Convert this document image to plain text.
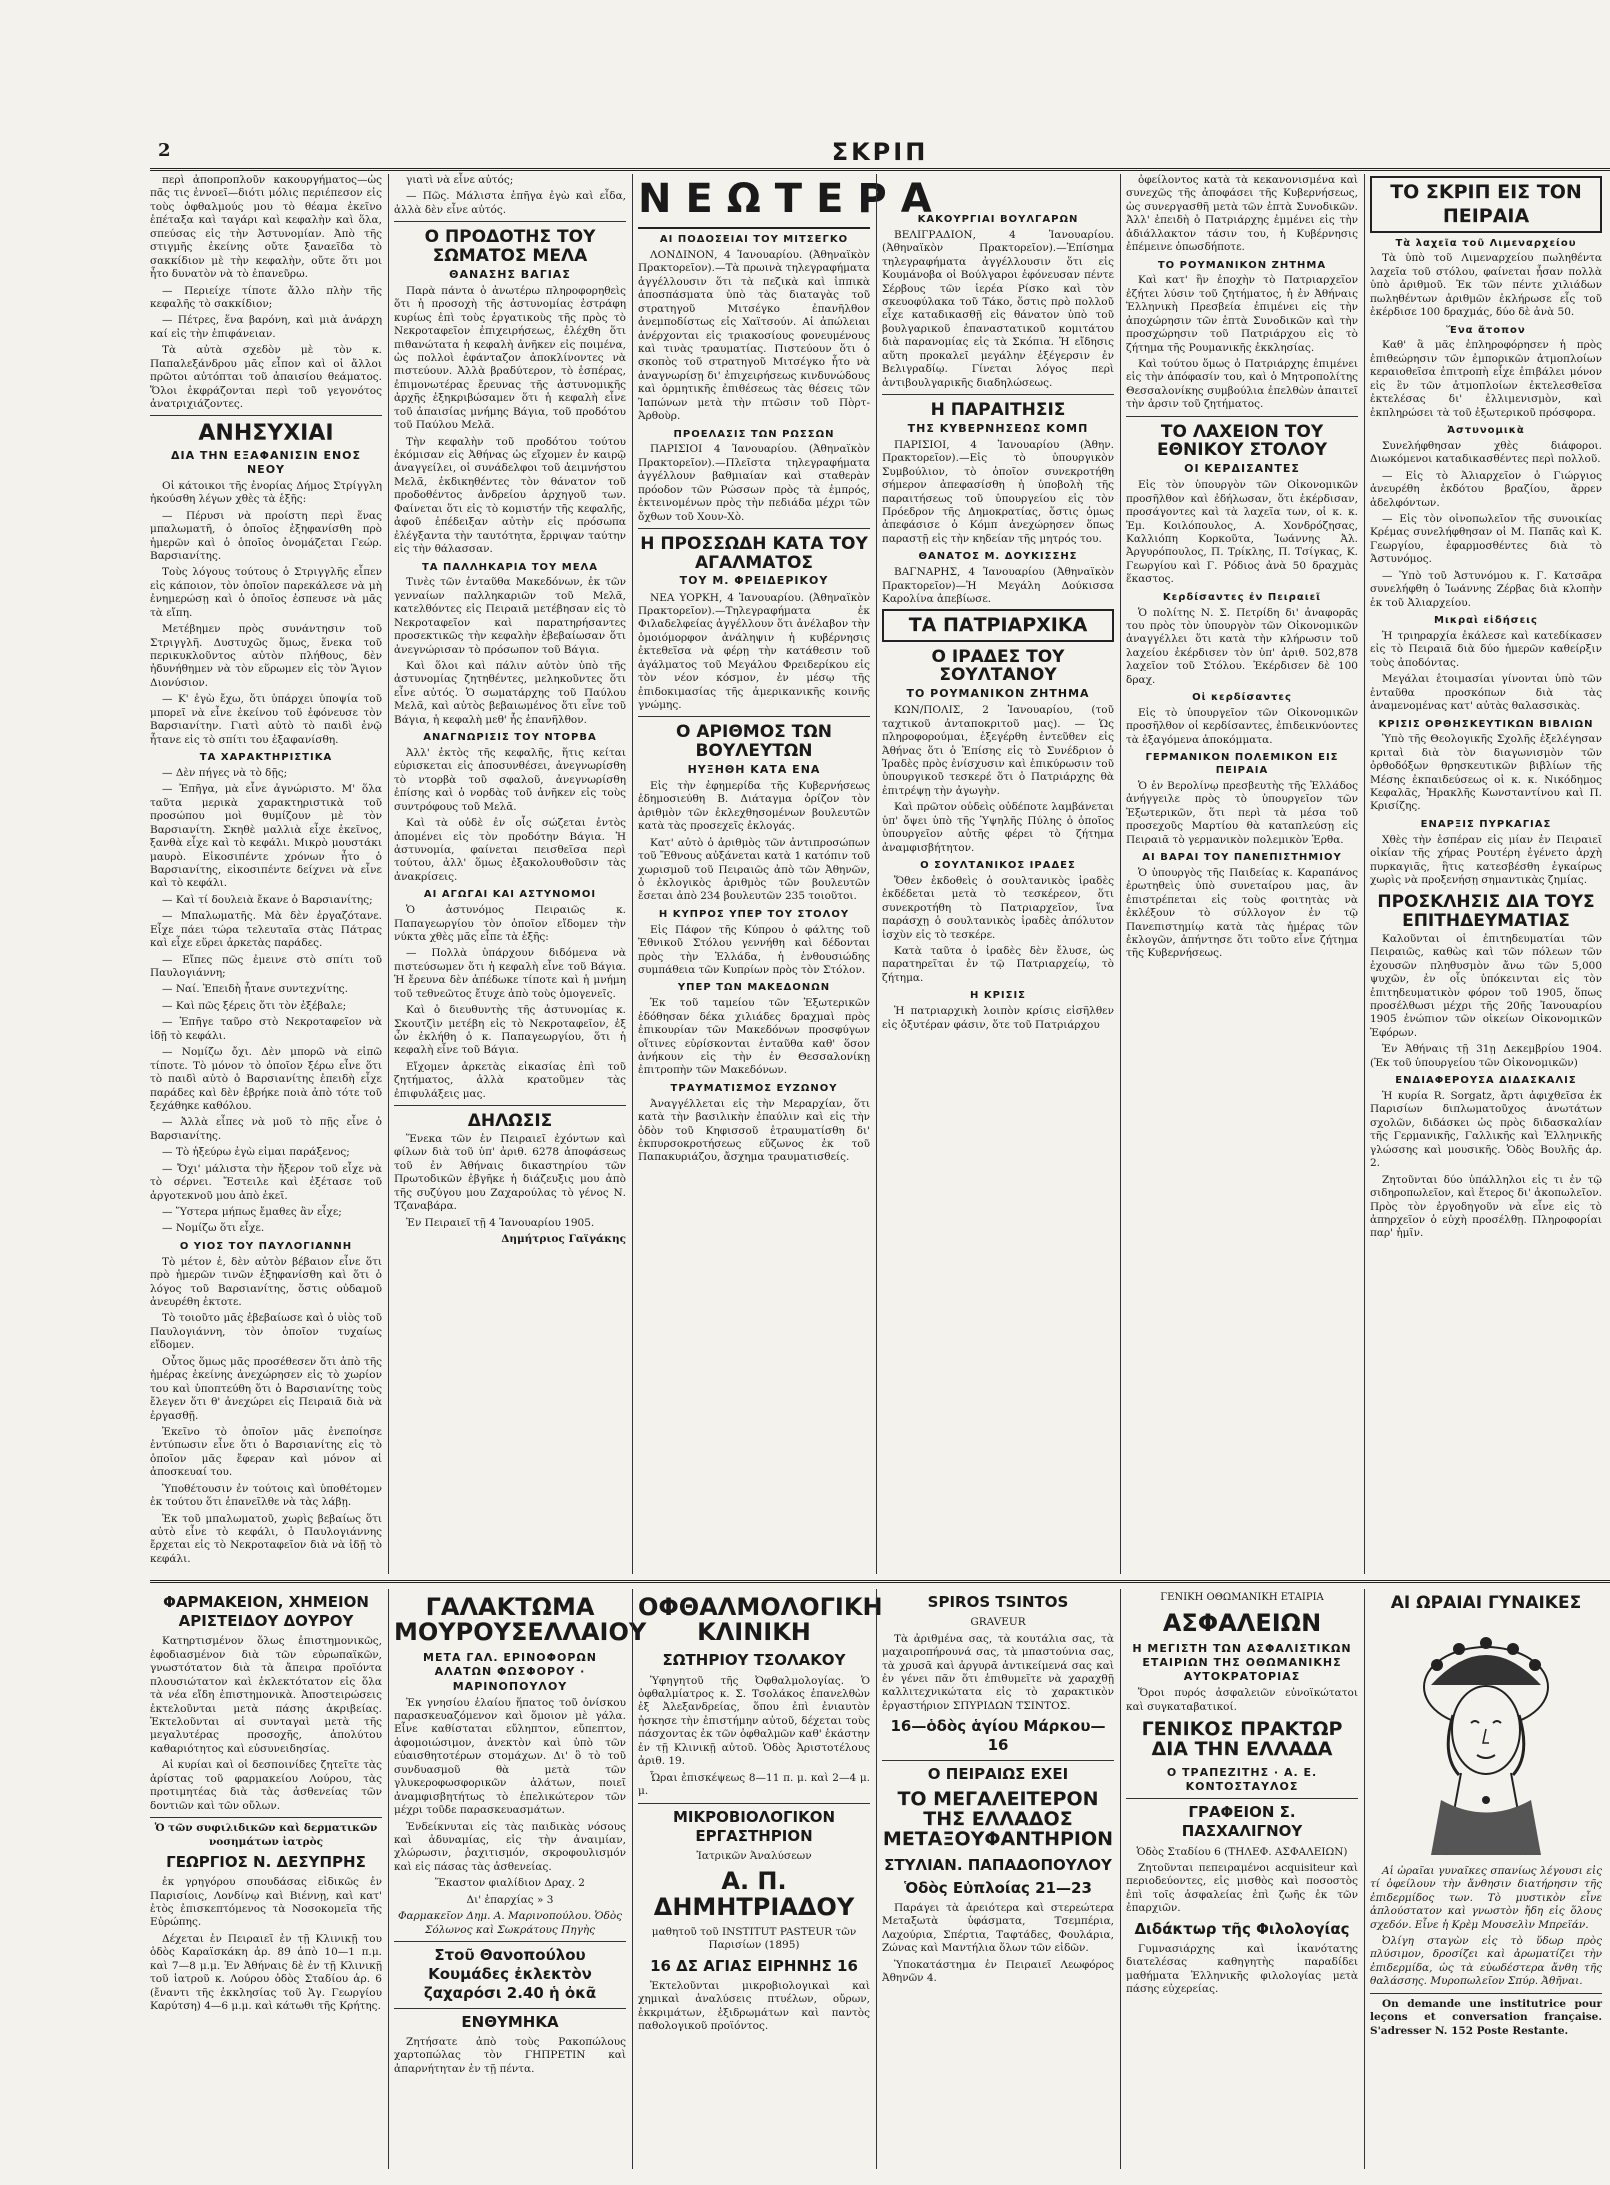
2	ΣΚΡΙΠ

περὶ ἀποπροπλοῦν κακουργήματος—ὡς πᾶς τις ἐννοεῖ—διότι μόλις περιέπεσον εἰς τοὺς ὀφθαλμούς μου τὸ θέαμα ἐκεῖνο ἐπέταξα καὶ ταγάρι καὶ κεφαλὴν καὶ ὅλα, σπεύσας εἰς τὴν Ἀστυνομίαν. Ἀπὸ τῆς στιγμῆς ἐκείνης οὔτε ξαναεῖδα τὸ σακκίδιον μὲ τὴν κεφαλὴν, οὔτε ὅτι μοι ἦτο δυνατὸν νὰ τὸ ἐπανεῦρω.

— Περιείχε τίποτε ἄλλο πλὴν τῆς κεφαλῆς τὸ σακκίδιον;

— Πέτρες, ἕνα βαρόνη, καὶ μιὰ ἀνάρχη καί εἰς τὴν ἐπιφάνειαν.

Τὰ αὐτὰ σχεδὸν μὲ τὸν κ. Παπαλεξάνδρου μᾶς εἶπον καὶ οἱ ἄλλοι πρῶτοι αὐτόπται τοῦ ἀπαισίου θεάματος. Ὅλοι ἐκφράζονται περὶ τοῦ γεγονότος ἀνατριχιάζοντες.

ΑΝΗΣΥΧΙΑΙ
ΔΙΑ ΤΗΝ ΕΞΑΦΑΝΙΣΙΝ ΕΝΟΣ ΝΕΟΥ

Οἱ κάτοικοι τῆς ἐνορίας Δήμος Στρίγγλη ἠκούσθη λέγων χθὲς τὰ ἑξῆς:

— Πέρυσι νὰ προίστη περὶ ἕνας μπαλωματῆ, ὁ ὁποῖος ἐξηφανίσθη πρὸ ἡμερῶν καὶ ὁ ὁποῖος ὀνομάζεται Γεώρ. Βαρσιανίτης.

Τοὺς λόγους τούτους ὁ Στριγγλῆς εἶπεν εἰς κάποιον, τὸν ὁποῖον παρεκάλεσε νὰ μὴ ἐνημερώσῃ καὶ ὁ ὁποῖος ἐσπευσε νὰ μᾶς τὰ εἴπη.

Μετέβημεν πρὸς συνάντησιν τοῦ Στριγγλῆ. Δυστυχῶς ὅμως, ἕνεκα τοῦ περικυκλοῦντος αὐτὸν πλήθους, δὲν ἠδυνήθημεν νὰ τὸν εὕρωμεν εἰς τὸν Ἅγιον Διονύσιον.

— Κ' ἐγὼ ἔχω, ὅτι ὑπάρχει ὑποψία τοῦ μπορεῖ νὰ εἶνε ἐκείνου τοῦ ἐφόνευσε τὸν Βαρσιανίτην. Γιατὶ αὐτὸ τὸ παιδὶ ἐνῷ ἦτανε εἰς τὸ σπίτι του ἐξαφανίσθη.

ΤΑ ΧΑΡΑΚΤΗΡΙΣΤΙΚΑ

— Δὲν πήγες νὰ τὸ δῇς;

— Ἐπῆγα, μὰ εἶνε ἀγνώριστο. Μ' ὅλα ταῦτα μερικὰ χαρακτηριστικὰ τοῦ προσώπου μοὶ θυμίζουν μὲ τὸν Βαρσιανίτη. Σκηθὲ μαλλιὰ εἶχε ἐκεῖνος, ξανθὰ εἶχε καὶ τὸ κεφάλι. Μικρὸ μουστάκι μαυρὸ. Εἰκοσιπέντε χρόνων ἦτο ὁ Βαρσιανίτης, εἰκοσιπέντε δείχνει νὰ εἶνε καὶ τὸ κεφάλι.

— Καὶ τί δουλειὰ ἔκανε ὁ Βαρσιανίτης;

— Μπαλωματῆς. Μὰ δὲν ἐργαζότανε. Εἶχε πάει τώρα τελευταῖα στὰς Πάτρας καὶ εἶχε εὕρει ἀρκετὰς παράδες.

— Εἴπες πῶς ἐμεινε στὸ σπίτι τοῦ Παυλογιάννη;

— Ναί. Ἐπειδὴ ἦτανε συντεχνίτης.

— Καὶ πῶς ξέρεις ὅτι τὸν ἐξέβαλε;

— Ἐπῆγε ταῦρο στὸ Νεκροταφεῖον νὰ ἰδῇ τὸ κεφάλι.

— Νομίζω ὄχι. Δὲν μπορῶ νὰ εἰπῶ τίποτε. Τὸ μόνον τὸ ὁποῖον ξέρω εἶνε ὅτι τὸ παιδὶ αὐτὸ ὁ Βαρσιανίτης ἐπειδὴ εἶχε παράδες καὶ δὲν ἐβρήκε ποιὰ ἀπὸ τότε τοῦ ξεχάθηκε καθόλου.

— Ἀλλὰ εἶπες νὰ μοῦ τὸ πῇς εἶνε ὁ Βαρσιανίτης.

— Τὸ ἠξεύρω ἐγὼ εἰμαι παράξενος;

— Ὄχι' μάλιστα τὴν ἤξερον τοῦ εἶχε νὰ τὸ σέρνει. Ἔστειλε καὶ ἐξέτασε τοῦ ἀργοτεκνοῦ μου ἀπὸ ἐκεῖ.

— Ὕστερα μήπως ἔμαθες ἂν εἶχε;

— Νομίζω ὅτι εἶχε.

Ο ΥΙΟΣ ΤΟΥ ΠΑΥΛΟΓΙΑΝΝΗ

Τὸ μέτον ἐ, δὲν αὐτὸν βέβαιον εἶνε ὅτι πρὸ ἡμερῶν τινῶν ἐξηφανίσθη καὶ ὅτι ὁ λόγος τοῦ Βαρσιανίτης, ὅστις οὐδαμοῦ ἀνευρέθη ἐκτοτε.

Τὸ τοιοῦτο μᾶς ἐβεβαίωσε καὶ ὁ υἱὸς τοῦ Παυλογιάννη, τὸν ὁποῖον τυχαίως εἴδομεν.

Οὗτος ὅμως μᾶς προσέθεσεν ὅτι ἀπὸ τῆς ἡμέρας ἐκείνης ἀνεχώρησεν εἰς τὸ χωρίον του καὶ ὑποπτεύθη ὅτι ὁ Βαρσιανίτης τοὺς ἔλεγεν ὅτι θ' ἀνεχώρει εἰς Πειραιᾶ διὰ νὰ ἐργασθῇ.

Ἐκεῖνο τὸ ὁποῖον μᾶς ἐνεποίησε ἐντύπωσιν εἶνε ὅτι ὁ Βαρσιανίτης εἰς τὸ ὁποῖον μᾶς ἔφεραν καὶ μόνον αἰ ἀποσκευαί του.

Ὑποθέτουσιν ἐν τούτοις καὶ ὑποθέτομεν ἐκ τούτου ὅτι ἐπανεῖλθε νὰ τὰς λάβῃ.

Ἐκ τοῦ μπαλωματοῦ, χωρὶς βεβαίως ὅτι αὐτὸ εἶνε τὸ κεφάλι, ὁ Παυλογιάννης ἔρχεται εἰς τὸ Νεκροταφεῖον διὰ νὰ ἰδῇ τὸ κεφάλι.

γιατὶ νὰ εἶνε αὐτός;

— Πῶς. Μάλιστα ἐπῆγα ἐγὼ καὶ εἶδα, ἀλλὰ δὲν εἶνε αὐτός.

Ο ΠΡΟΔΟΤΗΣ ΤΟΥ ΣΩΜΑΤΟΣ ΜΕΛΑ
ΘΑΝΑΣΗΣ ΒΑΓΙΑΣ

Παρὰ πάντα ὁ ἀνωτέρω πληροφορηθεὶς ὅτι ἡ προσοχὴ τῆς ἀστυνομίας ἐστράφη κυρίως ἐπὶ τοὺς ἐργατικοὺς τῆς πρὸς τὸ Νεκροταφεῖον ἐπιχειρήσεως, ἐλέχθη ὅτι πιθανώτατα ἡ κεφαλὴ ἀνῆκεν εἰς ποιμένα, ὡς πολλοὶ ἐφάνταζον ἀποκλίνοντες νὰ πιστεύουν. Ἀλλὰ βραδύτερον, τὸ ἑσπέρας, ἐπιμονωτέρας ἔρευνας τῆς ἀστυνομικῆς ἀρχῆς ἐξηκριβώσαμεν ὅτι ἡ κεφαλὴ εἶνε τοῦ ἀπαισίας μνήμης Βάγια, τοῦ προδότου τοῦ Παύλου Μελᾶ.

Τὴν κεφαλὴν τοῦ προδότου τούτου ἐκόμισαν εἰς Ἀθήνας ὡς εἴχομεν ἐν καιρῷ ἀναγγείλει, οἱ συνάδελφοι τοῦ ἀειμνήστου Μελᾶ, ἐκδικηθέντες τὸν θάνατον τοῦ προδοθέντος ἀνδρείου ἀρχηγοῦ των. Φαίνεται ὅτι εἰς τὸ κομιστήν τῆς κεφαλῆς, ἀφοῦ ἐπέδειξαν αὐτὴν εἰς πρόσωπα ἐλέγξαντα τὴν ταυτότητα, ἔρριψαν ταύτην εἰς τὴν θάλασσαν.

ΤΑ ΠΑΛΛΗΚΑΡΙΑ ΤΟΥ ΜΕΛΑ

Τινὲς τῶν ἐνταῦθα Μακεδόνων, ἐκ τῶν γενναίων παλληκαριῶν τοῦ Μελᾶ, κατελθόντες εἰς Πειραιᾶ μετέβησαν εἰς τὸ Νεκροταφεῖον καὶ παρατηρήσαντες προσεκτικῶς τὴν κεφαλὴν ἐβεβαίωσαν ὅτι ἀνεγνώρισαν τὸ πρόσωπον τοῦ Βάγια.

Καὶ ὅλοι καὶ πάλιν αὐτὸν ὑπὸ τῆς ἀστυνομίας ζητηθέντες, μεληκοῦντες ὅτι εἶνε αὐτός. Ὁ σωματάρχης τοῦ Παύλου Μελᾶ, καὶ αὐτὸς βεβαιωμένος ὅτι εἶνε τοῦ Βάγια, ἡ κεφαλὴ μεθ' ἧς ἐπανῆλθον.

ΑΝΑΓΝΩΡΙΣΙΣ ΤΟΥ ΝΤΟΡΒΑ

Ἀλλ' ἐκτὸς τῆς κεφαλῆς, ἥτις κείται εὑρισκεται εἰς ἀποσυνθέσει, ἀνεγνωρίσθη τὸ ντορβὰ τοῦ σφαλοῦ, ἀνεγνωρίσθη ἐπίσης καὶ ὁ νορδὰς τοῦ ἀνῆκεν εἰς τοὺς συντρόφους τοῦ Μελᾶ.

Καὶ τὰ οὐδὲ ἐν οἷς σώζεται ἐντὸς ἀπομένει εἰς τὸν προδότην Βάγια. Ἡ ἀστυνομία, φαίνεται πεισθεῖσα περὶ τούτου, ἀλλ' ὅμως ἐξακολουθοῦσιν τὰς ἀνακρίσεις.

ΑΙ ΑΓΩΓΑΙ ΚΑΙ ΑΣΤΥΝΟΜΟΙ

Ὁ ἀστυνόμος Πειραιῶς κ. Παπαγεωργίου τὸν ὁποῖον εἴδομεν τὴν νύκτα χθὲς μᾶς εἶπε τὰ ἑξῆς:

— Πολλὰ ὑπάρχουν διδόμενα νὰ πιστεύσωμεν ὅτι ἡ κεφαλὴ εἶνε τοῦ Βάγια. Ἡ ἔρευνα δὲν ἀπέδωκε τίποτε καὶ ἡ μνήμη τοῦ τεθνεῶτος ἔτυχε ἀπὸ τοὺς ὁμογενεῖς.

Καὶ ὁ διευθυντὴς τῆς ἀστυνομίας κ. Σκουτζὶν μετέβη εἰς τὸ Νεκροταφεῖον, ἐξ ὧν ἐκλήθη ὁ κ. Παπαγεωργίου, ὅτι ἡ κεφαλὴ εἶνε τοῦ Βάγια.

Εἴχομεν ἀρκετὰς εἰκασίας ἐπὶ τοῦ ζητήματος, ἀλλὰ κρατοῦμεν τὰς ἐπιφυλάξεις μας.

ΔΗΛΩΣΙΣ

Ἕνεκα τῶν ἐν Πειραιεῖ ἐχόντων καὶ φίλων διὰ τοῦ ὑπ' ἀριθ. 6278 ἀποφάσεως τοῦ ἐν Ἀθήναις δικαστηρίου τῶν Πρωτοδικῶν ἐβγῆκε ἡ διάζευξις μου ἀπὸ τῆς συζύγου μου Ζαχαρούλας τὸ γένος Ν. Τζαναβάρα.

Ἐν Πειραιεῖ τῇ 4 Ἰανουαρίου 1905.

Δημήτριος Γαϊγάκης

ΝΕΩΤΕΡΑ
ΑΙ ΠΟΔΟΣΕΙΑΙ ΤΟΥ ΜΙΤΣΕΓΚΟ

ΛΟΝΔΙΝΟΝ, 4 Ἰανουαρίου. (Ἀθηναϊκὸν Πρακτορεῖον).—Τὰ πρωινὰ τηλεγραφήματα ἀγγέλλουσιν ὅτι τὰ πεζικὰ καὶ ἱππικὰ ἀποσπάσματα ὑπὸ τὰς διαταγὰς τοῦ στρατηγοῦ Μιτσέγκο ἐπανῆλθον ἀνεμποδίστως εἰς Χαϊτσούν. Αἱ ἀπώλειαι ἀνέρχονται εἰς τριακοσίους φονευμένους καὶ τινὰς τραυματίας. Πιστεύουν ὅτι ὁ σκοπὸς τοῦ στρατηγοῦ Μιτσέγκο ἦτο νὰ ἀναγνωρίσῃ δι' ἐπιχειρήσεως κινδυνώδους καὶ ὁρμητικῆς ἐπιθέσεως τὰς θέσεις τῶν Ἰαπώνων μετὰ τὴν πτῶσιν τοῦ Πὸρτ-Ἀρθοὺρ.

ΠΡΟΕΛΑΣΙΣ ΤΩΝ ΡΩΣΣΩΝ

ΠΑΡΙΣΙΟΙ 4 Ἰανουαρίου. (Ἀθηναϊκὸν Πρακτορεῖον).—Πλεῖστα τηλεγραφήματα ἀγγέλλουν βαθμιαίαν καὶ σταθερὰν πρόοδον τῶν Ρώσσων πρὸς τὰ ἐμπρός, ἐκτεινομένων πρὸς τὴν πεδιάδα μέχρι τῶν ὄχθων τοῦ Χουν-Χὸ.

Η ΠΡΟΣΣΩΔΗ ΚΑΤΑ ΤΟΥ ΑΓΑΛΜΑΤΟΣ
ΤΟΥ Μ. ΦΡΕΙΔΕΡΙΚΟΥ

ΝΕΑ ΥΟΡΚΗ, 4 Ἰανουαρίου. (Ἀθηναϊκὸν Πρακτορεῖον).—Τηλεγραφήματα ἐκ Φιλαδελφείας ἀγγέλλουν ὅτι ἀνέλαβον τὴν ὁμοιόμορφον ἀνάληψιν ἡ κυβέρνησις ἐκτεθεῖσα νὰ φέρῃ τὴν κατάθεσιν τοῦ ἀγάλματος τοῦ Μεγάλου Φρειδερίκου εἰς τὸν νέον κόσμον, ἐν μέσῳ τῆς ἐπιδοκιμασίας τῆς ἀμερικανικῆς κοινῆς γνώμης.

Ο ΑΡΙΘΜΟΣ ΤΩΝ ΒΟΥΛΕΥΤΩΝ
ΗΥΞΗΘΗ ΚΑΤΑ ΕΝΑ

Εἰς τὴν ἐφημερίδα τῆς Κυβερνήσεως ἐδημοσιεύθη Β. Διάταγμα ὁρίζον τὸν ἀριθμὸν τῶν ἐκλεχθησομένων βουλευτῶν κατὰ τὰς προσεχεῖς ἐκλογάς.

Κατ' αὐτὸ ὁ ἀριθμὸς τῶν ἀντιπροσώπων τοῦ Ἔθνους αὐξάνεται κατὰ 1 κατόπιν τοῦ χωρισμοῦ τοῦ Πειραιῶς ἀπὸ τῶν Ἀθηνῶν, ὁ ἐκλογικὸς ἀριθμὸς τῶν βουλευτῶν ἔσεται ἀπὸ 234 βουλευτῶν 235 τοιοῦτοι.

Η ΚΥΠΡΟΣ ΥΠΕΡ ΤΟΥ ΣΤΟΛΟΥ

Εἰς Πάφον τῆς Κύπρου ὁ φάλτης τοῦ Ἐθνικοῦ Στόλου γεννήθη καὶ δέδονται πρὸς τὴν Ἑλλάδα, ἡ ἐνθουσιώδης συμπάθεια τῶν Κυπρίων πρὸς τὸν Στόλον.

ΥΠΕΡ ΤΩΝ ΜΑΚΕΔΟΝΩΝ

Ἐκ τοῦ ταμείου τῶν Ἐξωτερικῶν ἐδόθησαν δέκα χιλιάδες δραχμαὶ πρὸς ἐπικουρίαν τῶν Μακεδόνων προσφύγων οἵτινες εὑρίσκονται ἐνταῦθα καθ' ὅσον ἀνήκουν εἰς τὴν ἐν Θεσσαλονίκῃ ἐπιτροπὴν τῶν Μακεδόνων.

ΤΡΑΥΜΑΤΙΣΜΟΣ ΕΥΖΩΝΟΥ

Ἀναγγέλλεται εἰς τὴν Μεραρχίαν, ὅτι κατὰ τὴν βασιλικὴν ἐπαύλιν καὶ εἰς τὴν ὁδὸν τοῦ Κηφισσοῦ ἐτραυματίσθη δι' ἐκπυρσοκροτήσεως εὔζωνος ἐκ τοῦ Παπακυριάζου, ἄσχημα τραυματισθείς.

ΚΑΚΟΥΡΓΙΑΙ ΒΟΥΛΓΑΡΩΝ

ΒΕΛΙΓΡΑΔΙΟΝ, 4 Ἰανουαρίου. (Ἀθηναϊκὸν Πρακτορεῖον).—Ἐπίσημα τηλεγραφήματα ἀγγέλλουσιν ὅτι εἰς Κουμάνοβα οἱ Βούλγαροι ἐφόνευσαν πέντε Σέρβους τῶν ἱερέα Ρίσκο καὶ τὸν σκευοφύλακα τοῦ Τάκο, ὅστις πρὸ πολλοῦ εἶχε καταδικασθῇ εἰς θάνατον ὑπὸ τοῦ βουλγαρικοῦ ἐπαναστατικοῦ κομιτάτου διὰ παρανομίας εἰς τὰ Σκόπια. Ἡ εἴδησις αὕτη προκαλεῖ μεγάλην ἐξέγερσιν ἐν Βελιγραδίῳ. Γίνεται λόγος περὶ ἀντιβουλγαρικῆς διαδηλώσεως.

Η ΠΑΡΑΙΤΗΣΙΣ
ΤΗΣ ΚΥΒΕΡΝΗΣΕΩΣ ΚΟΜΠ

ΠΑΡΙΣΙΟΙ, 4 Ἰανουαρίου (Ἀθην. Πρακτορεῖον).—Εἰς τὸ ὑπουργικὸν Συμβούλιον, τὸ ὁποῖον συνεκροτήθη σήμερον ἀπεφασίσθη ἡ ὑποβολὴ τῆς παραιτήσεως τοῦ ὑπουργείου εἰς τὸν Πρόεδρον τῆς Δημοκρατίας, ὅστις ὁμως ἀπεφάσισε ὁ Κόμπ ἀνεχώρησεν ὅπως παραστῇ εἰς τὴν κηδείαν τῆς μητρός του.

ΘΑΝΑΤΟΣ Μ. ΔΟΥΚΙΣΣΗΣ

ΒΑΓΝΑΡΗΣ, 4 Ἰανουαρίου (Ἀθηναϊκὸν Πρακτορεῖον)—Ἡ Μεγάλη Δούκισσα Καρολίνα ἀπεβίωσε.

ΤΑ ΠΑΤΡΙΑΡΧΙΚΑ
Ο ΙΡΑΔΕΣ ΤΟΥ ΣΟΥΛΤΑΝΟΥ
ΤΟ ΡΟΥΜΑΝΙΚΟΝ ΖΗΤΗΜΑ

ΚΩΝ/ΠΟΛΙΣ, 2 Ἰανουαρίου, (τοῦ ταχτικοῦ ἀνταποκριτοῦ μας). — Ὡς πληροφορούμαι, ἐξεγέρθη ἐντεῦθεν εἰς Ἀθήνας ὅτι ὁ Ἐπίσης εἰς τὸ Συνέδριον ὁ Ἰραδὲς πρὸς ἐνίσχυσιν καὶ ἐπικύρωσιν τοῦ ὑπουργικοῦ τεσκερέ ὅτι ὁ Πατριάρχης θὰ ἐπιτρέψῃ τὴν ἀγωγὴν.

Καὶ πρῶτον οὐδεὶς οὐδέποτε λαμβάνεται ὑπ' ὄψει ὑπὸ τῆς Ὑψηλῆς Πύλης ὁ ὁποῖος ὑπουργεῖον αὐτῆς φέρει τὸ ζήτημα ἀναμφισβήτητον.

Ο ΣΟΥΛΤΑΝΙΚΟΣ ΙΡΑΔΕΣ

Ὅθεν ἐκδοθεὶς ὁ σουλτανικὸς ἰραδὲς ἐκδέδεται μετὰ τὸ τεσκέρεον, ὅτι συνεκροτήθη τὸ Πατριαρχεῖον, ἵνα παράσχῃ ὁ σουλτανικὸς ἰραδὲς ἀπόλυτον ἰσχὺν εἰς τὸ τεσκέρε.

Κατὰ ταῦτα ὁ ἰραδὲς δὲν ἔλυσε, ὡς παρατηρεῖται ἐν τῷ Πατριαρχείῳ, τὸ ζήτημα.

Η ΚΡΙΣΙΣ

Ἡ πατριαρχικὴ λοιπὸν κρίσις εἰσῆλθεν εἰς ὀξυτέραν φάσιν, ὅτε τοῦ Πατριάρχου

ὀφείλοντος κατὰ τὰ κεκανονισμένα καὶ συνεχῶς τῆς ἀποφάσει τῆς Κυβερνήσεως, ὡς συνεργασθῆ μετὰ τῶν ἑπτὰ Συνοδικῶν. Ἀλλ' ἐπειδὴ ὁ Πατριάρχης ἐμμένει εἰς τὴν ἀδιάλλακτον τάσιν του, ἡ Κυβέρνησις ἐπέμεινε ὁπωσδήποτε.

ΤΟ ΡΟΥΜΑΝΙΚΟΝ ΖΗΤΗΜΑ

Καὶ κατ' ἣν ἐποχὴν τὸ Πατριαρχεῖον ἐζήτει λύσιν τοῦ ζητήματος, ἡ ἐν Ἀθήναις Ἑλληνικὴ Πρεσβεία ἐπιμένει εἰς τὴν ἀποχώρησιν τῶν ἑπτὰ Συνοδικῶν καὶ τὴν προσχώρησιν τοῦ Πατριάρχου εἰς τὸ ζήτημα τῆς Ρουμανικῆς ἐκκλησίας.

Καὶ τούτου ὅμως ὁ Πατριάρχης ἐπιμένει εἰς τὴν ἀπόφασίν του, καὶ ὁ Μητροπολίτης Θεσσαλονίκης συμβούλια ἐπελθὼν ἀπαιτεῖ τὴν ἀρσιν τοῦ ζητήματος.

ΤΟ ΛΑΧΕΙΟΝ ΤΟΥ ΕΘΝΙΚΟΥ ΣΤΟΛΟΥ
ΟΙ ΚΕΡΔΙΣΑΝΤΕΣ

Εἰς τὸν ὑπουργὸν τῶν Οἰκονομικῶν προσῆλθον καὶ ἐδήλωσαν, ὅτι ἐκέρδισαν, προσάγοντες καὶ τὰ λαχεῖα των, οἱ κ. κ. Ἐμ. Κοιλόπουλος, Α. Χονδρόζησας, Καλλιόπη Κορκοῦτα, Ἰωάννης Ἀλ. Ἀργυρόπουλος, Π. Τρίκλης, Π. Τσίγκας, Κ. Γεωργίου καὶ Γ. Ρόδιος ἀνὰ 50 δραχμὰς ἕκαστος.

Κερδίσαντες ἐν Πειραιεῖ

Ὁ πολίτης Ν. Σ. Πετρίδη δι' ἀναφορᾶς του πρὸς τὸν ὑπουργὸν τῶν Οἰκονομικῶν ἀναγγέλλει ὅτι κατὰ τὴν κλήρωσιν τοῦ λαχείου ἐκέρδισεν τὸν ὑπ' ἀριθ. 502,878 λαχεῖον τοῦ Στόλου. Ἐκέρδισεν δὲ 100 δραχ.

Οἱ κερδίσαντες

Εἰς τὸ ὑπουργεῖον τῶν Οἰκονομικῶν προσῆλθον οἱ κερδίσαντες, ἐπιδεικνύοντες τὰ ἐξαγόμενα ἀποκόμματα.

ΓΕΡΜΑΝΙΚΟΝ ΠΟΛΕΜΙΚΟΝ ΕΙΣ ΠΕΙΡΑΙΑ

Ὁ ἐν Βερολίνῳ πρεσβευτὴς τῆς Ἑλλάδος ἀνήγγειλε πρὸς τὸ ὑπουργεῖον τῶν Ἐξωτερικῶν, ὅτι περὶ τὰ μέσα τοῦ προσεχοῦς Μαρτίου θὰ καταπλεύσῃ εἰς Πειραιᾶ τὸ γερμανικὸν πολεμικὸν Ἐρθα.

ΑΙ ΒΑΡΑΙ ΤΟΥ ΠΑΝΕΠΙΣΤΗΜΙΟΥ

Ὁ ὑπουργὸς τῆς Παιδείας κ. Καραπάνος ἐρωτηθεὶς ὑπὸ συνεταίρου μας, ἂν ἐπιστρέπεται εἰς τοὺς φοιτητὰς νὰ ἐκλέξουν τὸ σύλλογον ἐν τῷ Πανεπιστημίῳ κατὰ τὰς ἡμέρας τῶν ἐκλογῶν, ἀπήντησε ὅτι τοῦτο εἶνε ζήτημα τῆς Κυβερνήσεως.

ΤΟ ΣΚΡΙΠ ΕΙΣ ΤΟΝ ΠΕΙΡΑΙΑ
Τὰ λαχεῖα τοῦ Λιμεναρχείου

Τὰ ὑπὸ τοῦ Λιμεναρχείου πωληθέντα λαχεῖα τοῦ στόλου, φαίνεται ἦσαν πολλὰ ὑπὸ ἀριθμοῦ. Ἐκ τῶν πέντε χιλιάδων πωληθέντων ἀριθμῶν ἐκλήρωσε εἷς τοῦ ἐκέρδισε 100 δραχμάς, δύο δὲ ἀνὰ 50.

Ἕνα ἄτοπον

Καθ' ἃ μᾶς ἐπληροφόρησεν ἡ πρὸς ἐπιθεώρησιν τῶν ἐμπορικῶν ἀτμοπλοίων κεραιοθεῖσα ἐπιτροπὴ εἶχε ἐπιβάλει μόνον εἰς ἓν τῶν ἀτμοπλοίων ἐκτελεσθεῖσα ἐκτελέσας δι' ἐλλιμενισμὸν, καὶ ἐκπληρώσει τὰ τοῦ ἐξωτερικοῦ πρόσφορα.

Ἀστυνομικὰ

Συνελήφθησαν χθὲς διάφοροι. Διωκόμενοι καταδικασθέντες περὶ πολλοῦ.

— Εἰς τὸ Ἀλιαρχεῖον ὁ Γιώργιος ἀνευρέθη ἐκδότου βραζίου, ἄρρεν ἀδελφόντων.

— Εἰς τὸν οἰνοπωλεῖον τῆς συνοικίας Κρέμας συνελήφθησαν οἱ Μ. Παπᾶς καὶ Κ. Γεωργίου, ἐφαρμοσθέντες διὰ τὸ Ἀστυνόμος.

— Ὑπὸ τοῦ Ἀστυνόμου κ. Γ. Κατσᾶρα συνελήφθη ὁ Ἰωάννης Ζέρβας διὰ κλοπὴν ἐκ τοῦ Ἀλιαρχείου.

Μικραὶ εἰδήσεις

Ἡ τριηραρχία ἐκάλεσε καὶ κατεδίκασεν εἰς τὸ Πειραιᾶ διὰ δύο ἡμερῶν καθείρξιν τοὺς ἀποδόντας.

Μεγάλαι ἑτοιμασίαι γίνονται ὑπὸ τῶν ἐνταῦθα προσκόπων διὰ τὰς ἀναμενομένας κατ' αὐτὰς θαλασσικὰς.

ΚΡΙΣΙΣ ΟΡΘΗΣΚΕΥΤΙΚΩΝ ΒΙΒΛΙΩΝ

Ὑπὸ τῆς Θεολογικῆς Σχολῆς ἐξελέγησαν κριταὶ διὰ τὸν διαγωνισμὸν τῶν ὀρθοδόξων θρησκευτικῶν βιβλίων τῆς Μέσης ἐκπαιδεύσεως οἱ κ. κ. Νικόδημος Κεφαλᾶς, Ἡρακλῆς Κωνσταντίνου καὶ Π. Κρισίζης.

ΕΝΑΡΞΙΣ ΠΥΡΚΑΓΙΑΣ

Χθὲς τὴν ἑσπέραν εἰς μίαν ἐν Πειραιεῖ οἰκίαν τῆς χήρας Ρουτέρη ἐγένετο ἀρχὴ πυρκαγιᾶς, ἣτις κατεσβέσθη ἐγκαίρως χωρὶς νὰ προξενήσῃ σημαντικὰς ζημίας.

ΠΡΟΣΚΛΗΣΙΣ ΔΙΑ ΤΟΥΣ ΕΠΙΤΗΔΕΥΜΑΤΙΑΣ

Καλοῦνται οἱ ἐπιτηδευματίαι τῶν Πειραιῶς, καθὼς καὶ τῶν πόλεων τῶν ἐχουσῶν πληθυσμὸν ἄνω τῶν 5,000 ψυχῶν, ἐν οἷς ὑπόκεινται εἰς τὸν ἐπιτηδευματικὸν φόρον τοῦ 1905, ὅπως προσέλθωσι μέχρι τῆς 20ῆς Ἰανουαρίου 1905 ἐνώπιον τῶν οἰκείων Οἰκονομικῶν Ἐφόρων.

Ἐν Ἀθήναις τῇ 31ῃ Δεκεμβρίου 1904. (Ἐκ τοῦ ὑπουργείου τῶν Οἰκονομικῶν)

ΕΝΔΙΑΦΕΡΟΥΣΑ ΔΙΔΑΣΚΑΛΙΣ

Ἡ κυρία R. Sorgatz, ἄρτι ἀφιχθεῖσα ἐκ Παρισίων διπλωματοῦχος ἀνωτάτων σχολῶν, διδάσκει ὡς πρὸς διδασκαλίαν τῆς Γερμανικῆς, Γαλλικῆς καὶ Ἑλληνικῆς γλώσσης καὶ μουσικῆς. Ὁδὸς Βουλῆς ἀρ. 2.

Ζητοῦνται δύο ὑπάλληλοι εἰς τι ἐν τῷ σιδηροπωλεῖον, καὶ ἕτερος δι' ἀκοπωλεῖον. Πρὸς τὸν ἐργοδηγοῦν νὰ εἶνε εἰς τὸ ἀπηρχεῖον ὁ εὐχὴ προσέλθῃ. Πληροφορίαι παρ' ἡμῖν.

ΦΑΡΜΑΚΕΙΟΝ, ΧΗΜΕΙΟΝ ΑΡΙΣΤΕΙΔΟΥ ΔΟΥΡΟΥ

Κατηρτισμένον ὅλως ἐπιστημονικῶς, ἐφοδιασμένον διὰ τῶν εὐρωπαϊκῶν, γνωστότατον διὰ τὰ ἄπειρα προϊόντα πλουσιώτατον καὶ ἐκλεκτότατον εἰς ὅλα τὰ νέα εἴδη ἐπιστημονικὰ. Ἀποστειρώσεις ἐκτελοῦνται μετὰ πάσης ἀκριβείας. Ἐκτελοῦνται αἱ συνταγαὶ μετὰ τῆς μεγαλυτέρας προσοχῆς, ἀπολύτου καθαριότητος καὶ εὐσυνειδησίας.

Αἱ κυρίαι καὶ οἱ δεσποινίδες ζητεῖτε τὰς ἀρίστας τοῦ φαρμακείου Λούρου, τὰς προτιμητέας διὰ τὰς ἀσθενείας τῶν δοντιῶν καὶ τῶν οὔλων.

Ὁ τῶν συφιλιδικῶν καὶ δερματικῶν νοσημάτων ἰατρὸς
ΓΕΩΡΓΙΟΣ Ν. ΔΕΣΥΠΡΗΣ

ἐκ γρηγόρου σπουδάσας εἰδικῶς ἐν Παρισίοις, Λονδίνῳ καὶ Βιέννῃ, καὶ κατ' ἐτὸς ἐπισκεπτόμενος τὰ Νοσοκομεῖα τῆς Εὐρώπης.

Δέχεται ἐν Πειραιεῖ ἐν τῇ Κλινικῇ του ὁδὸς Καραϊσκάκη ἀρ. 89 ἀπὸ 10—1 π.μ. καὶ 7—8 μ.μ. Ἐν Ἀθήναις δὲ ἐν τῇ Κλινικῇ τοῦ ἰατροῦ κ. Λούρου ὁδὸς Σταδίου ἀρ. 6 (ἔναντι τῆς ἐκκλησίας τοῦ Ἁγ. Γεωργίου Καρύτση) 4—6 μ.μ. καὶ κάτωθι τῆς Κρήτης.

ΓΑΛΑΚΤΩΜΑ ΜΟΥΡΟΥΣΕΛΛΑΙΟΥ
ΜΕΤΑ ΓΑΛ. ΕΡΙΝΟΦΟΡΩΝ ΑΛΑΤΩΝ ΦΩΣΦΟΡΟΥ · ΜΑΡΙΝΟΠΟΥΛΟΥ

Ἐκ γνησίου ἐλαίου ἥπατος τοῦ ὀνίσκου παρασκευαζόμενον καὶ ὅμοιον μὲ γάλα. Εἶνε καθίσταται εὔληπτον, εὔπεπτον, ἀφομοιώσιμον, ἀνεκτὸν καὶ ὑπὸ τῶν εὐαισθητοτέρων στομάχων. Δι' ὃ τὸ τοῦ συνδυασμοῦ θὰ μετὰ τῶν γλυκεροφωσφορικῶν ἀλάτων, ποιεῖ ἀναμφισβητήτως τὸ ἐπελικώτερον τῶν μέχρι τοῦδε παρασκευασμάτων.

Ἐνδείκνυται εἰς τὰς παιδικὰς νόσους καὶ ἀδυναμίας, εἰς τὴν ἀναιμίαν, χλώρωσιν, ῥαχιτισμόν, σκροφουλισμόν καὶ εἰς πάσας τὰς ἀσθενείας.

Ἕκαστον φιαλίδιον Δραχ. 2
Δι' ἐπαρχίας » 3
Φαρμακεῖον Δημ. Α. Μαρινοπούλου. Ὁδὸς Σόλωνος καὶ Σωκράτους Πηγὴς
Στοῦ Θανοπούλου Κουμάδες ἐκλεκτὸν ζαχαρόσι 2.40 ἡ ὀκᾶ
ΕΝΘΥΜΗΚΑ

Ζητήσατε ἀπὸ τοὺς Ρακοπώλους χαρτοπώλας τὸν ΓΗΠΡΕΤΙΝ καὶ ἀπαρνήτηταν ἐν τῇ πέντα.

ΟΦΘΑΛΜΟΛΟΓΙΚΗ ΚΛΙΝΙΚΗ
ΣΩΤΗΡΙΟΥ ΤΣΟΛΑΚΟΥ

Ὑφηγητοῦ τῆς Ὀφθαλμολογίας. Ὁ ὀφθαλμίατρος κ. Σ. Τσολάκος ἐπανελθὼν ἐξ Ἀλεξανδρείας, ὅπου ἐπὶ ἐνιαυτὸν ἠσκησε τὴν ἐπιστήμην αὐτοῦ, δέχεται τοὺς πάσχοντας ἐκ τῶν ὀφθαλμῶν καθ' ἑκάστην ἐν τῇ Κλινικῇ αὐτοῦ. Ὁδὸς Ἀριστοτέλους ἀριθ. 19.

Ὧραι ἐπισκέψεως 8—11 π. μ. καὶ 2—4 μ. μ.

ΜΙΚΡΟΒΙΟΛΟΓΙΚΟΝ ΕΡΓΑΣΤΗΡΙΟΝ
Ἰατρικῶν Ἀναλύσεων
Α. Π. ΔΗΜΗΤΡΙΑΔΟΥ
μαθητοῦ τοῦ INSTITUT PASTEUR τῶν Παρισίων (1895)
16 ΔΣ ΑΓΙΑΣ ΕΙΡΗΝΗΣ 16

Ἐκτελοῦνται μικροβιολογικαὶ καὶ χημικαὶ ἀναλύσεις πτυέλων, οὔρων, ἐκκριμάτων, ἐξιδρωμάτων καὶ παντὸς παθολογικοῦ προϊόντος.

SPIROS TSINTOS
GRAVEUR

Τὰ ἀριθμένα σας, τὰ κουτάλια σας, τὰ μαχαιροπήρουνά σας, τὰ μπαστούνια σας, τὰ χρυσᾶ καὶ ἀργυρᾶ ἀντικείμενά σας καὶ ἐν γένει πᾶν ὅτι ἐπιθυμεῖτε νὰ χαραχθῇ καλλιτεχνικώτατα εἰς τὸ χαρακτικὸν ἐργαστήριον ΣΠΥΡΙΔΩΝ ΤΣΙΝΤΟΣ.

16—ὁδὸς ἁγίου Μάρκου—16
Ο ΠΕΙΡΑΙΩΣ ΕΧΕΙ
ΤΟ ΜΕΓΑΛΕΙΤΕΡΟΝ ΤΗΣ ΕΛΛΑΔΟΣ ΜΕΤΑΞΟΥΦΑΝΤΗΡΙΟΝ
ΣΤΥΛΙΑΝ. ΠΑΠΑΔΟΠΟΥΛΟΥ
Ὁδὸς Εὐπλοίας 21—23

Παράγει τὰ ἀρειότερα καὶ στερεώτερα Μεταξωτὰ ὑφάσματα, Τσεμπέρια, Λαχούρια, Σπέρτια, Ταφτάδες, Φουλάρια, Ζώνας καὶ Μαντήλια ὅλων τῶν εἰδῶν.

Ὑποκατάστημα ἐν Πειραιεῖ Λεωφόρος Ἀθηνῶν 4.

ΓΕΝΙΚΗ ΟΘΩΜΑΝΙΚΗ ΕΤΑΙΡΙΑ
ΑΣΦΑΛΕΙΩΝ
Η ΜΕΓΙΣΤΗ ΤΩΝ ΑΣΦΑΛΙΣΤΙΚΩΝ ΕΤΑΙΡΙΩΝ ΤΗΣ ΟΘΩΜΑΝΙΚΗΣ ΑΥΤΟΚΡΑΤΟΡΙΑΣ

Ὅροι πυρός ἀσφαλειῶν εὐνοϊκώτατοι καὶ συγκαταβατικοί.

ΓΕΝΙΚΟΣ ΠΡΑΚΤΩΡ ΔΙΑ ΤΗΝ ΕΛΛΑΔΑ
Ο ΤΡΑΠΕΖΙΤΗΣ · Α. Ε. ΚΟΝΤΟΣΤΑΥΛΟΣ
ΓΡΑΦΕΙΟΝ Σ. ΠΑΣΧΑΛΙΓΝΟΥ
Ὁδὸς Σταδίου 6 (ΤΗΛΕΦ. ΑΣΦΑΛΕΙΩΝ)

Ζητοῦνται πεπειραμένοι acquisiteur καὶ περιοδεύοντες, εἰς μισθὸς καὶ ποσοστὸς ἐπὶ τοῖς ἀσφαλείας ἐπὶ ζωῆς ἐκ τῶν ἐπαρχιῶν.

Διδάκτωρ τῆς Φιλολογίας

Γυμνασιάρχης καὶ ἱκανότατης διατελέσας καθηγητὴς παραδίδει μαθήματα Ἑλληνικῆς φιλολογίας μετὰ πάσης εὐχερείας.

ΑΙ ΩΡΑΙΑΙ ΓΥΝΑΙΚΕΣ

Αἱ ὡραῖαι γυναῖκες σπανίως λέγουσι εἰς τί ὀφείλουν τὴν ἄνθησιν διατήρησιν τῆς ἐπιδερμίδος των. Τὸ μυστικὸν εἶνε ἀπλούστατον καὶ γνωστὸν ἤδη εἰς ὅλους σχεδόν. Εἶνε ἡ Κρὲμ Μουσελὶν Μπρεϊάν.

Ὀλίγη σταγὼν εἰς τὸ ὕδωρ πρὸς πλύσιμον, δροσίζει καὶ ἀρωματίζει τὴν ἐπιδερμίδα, ὡς τὰ εὐωδέστερα ἄνθη τῆς θαλάσσης. Μυροπωλεῖον Σπύρ. Ἀθῆναι.

On demande une institutrice pour leçons et conversation française. S'adresser N. 152 Poste Restante.
